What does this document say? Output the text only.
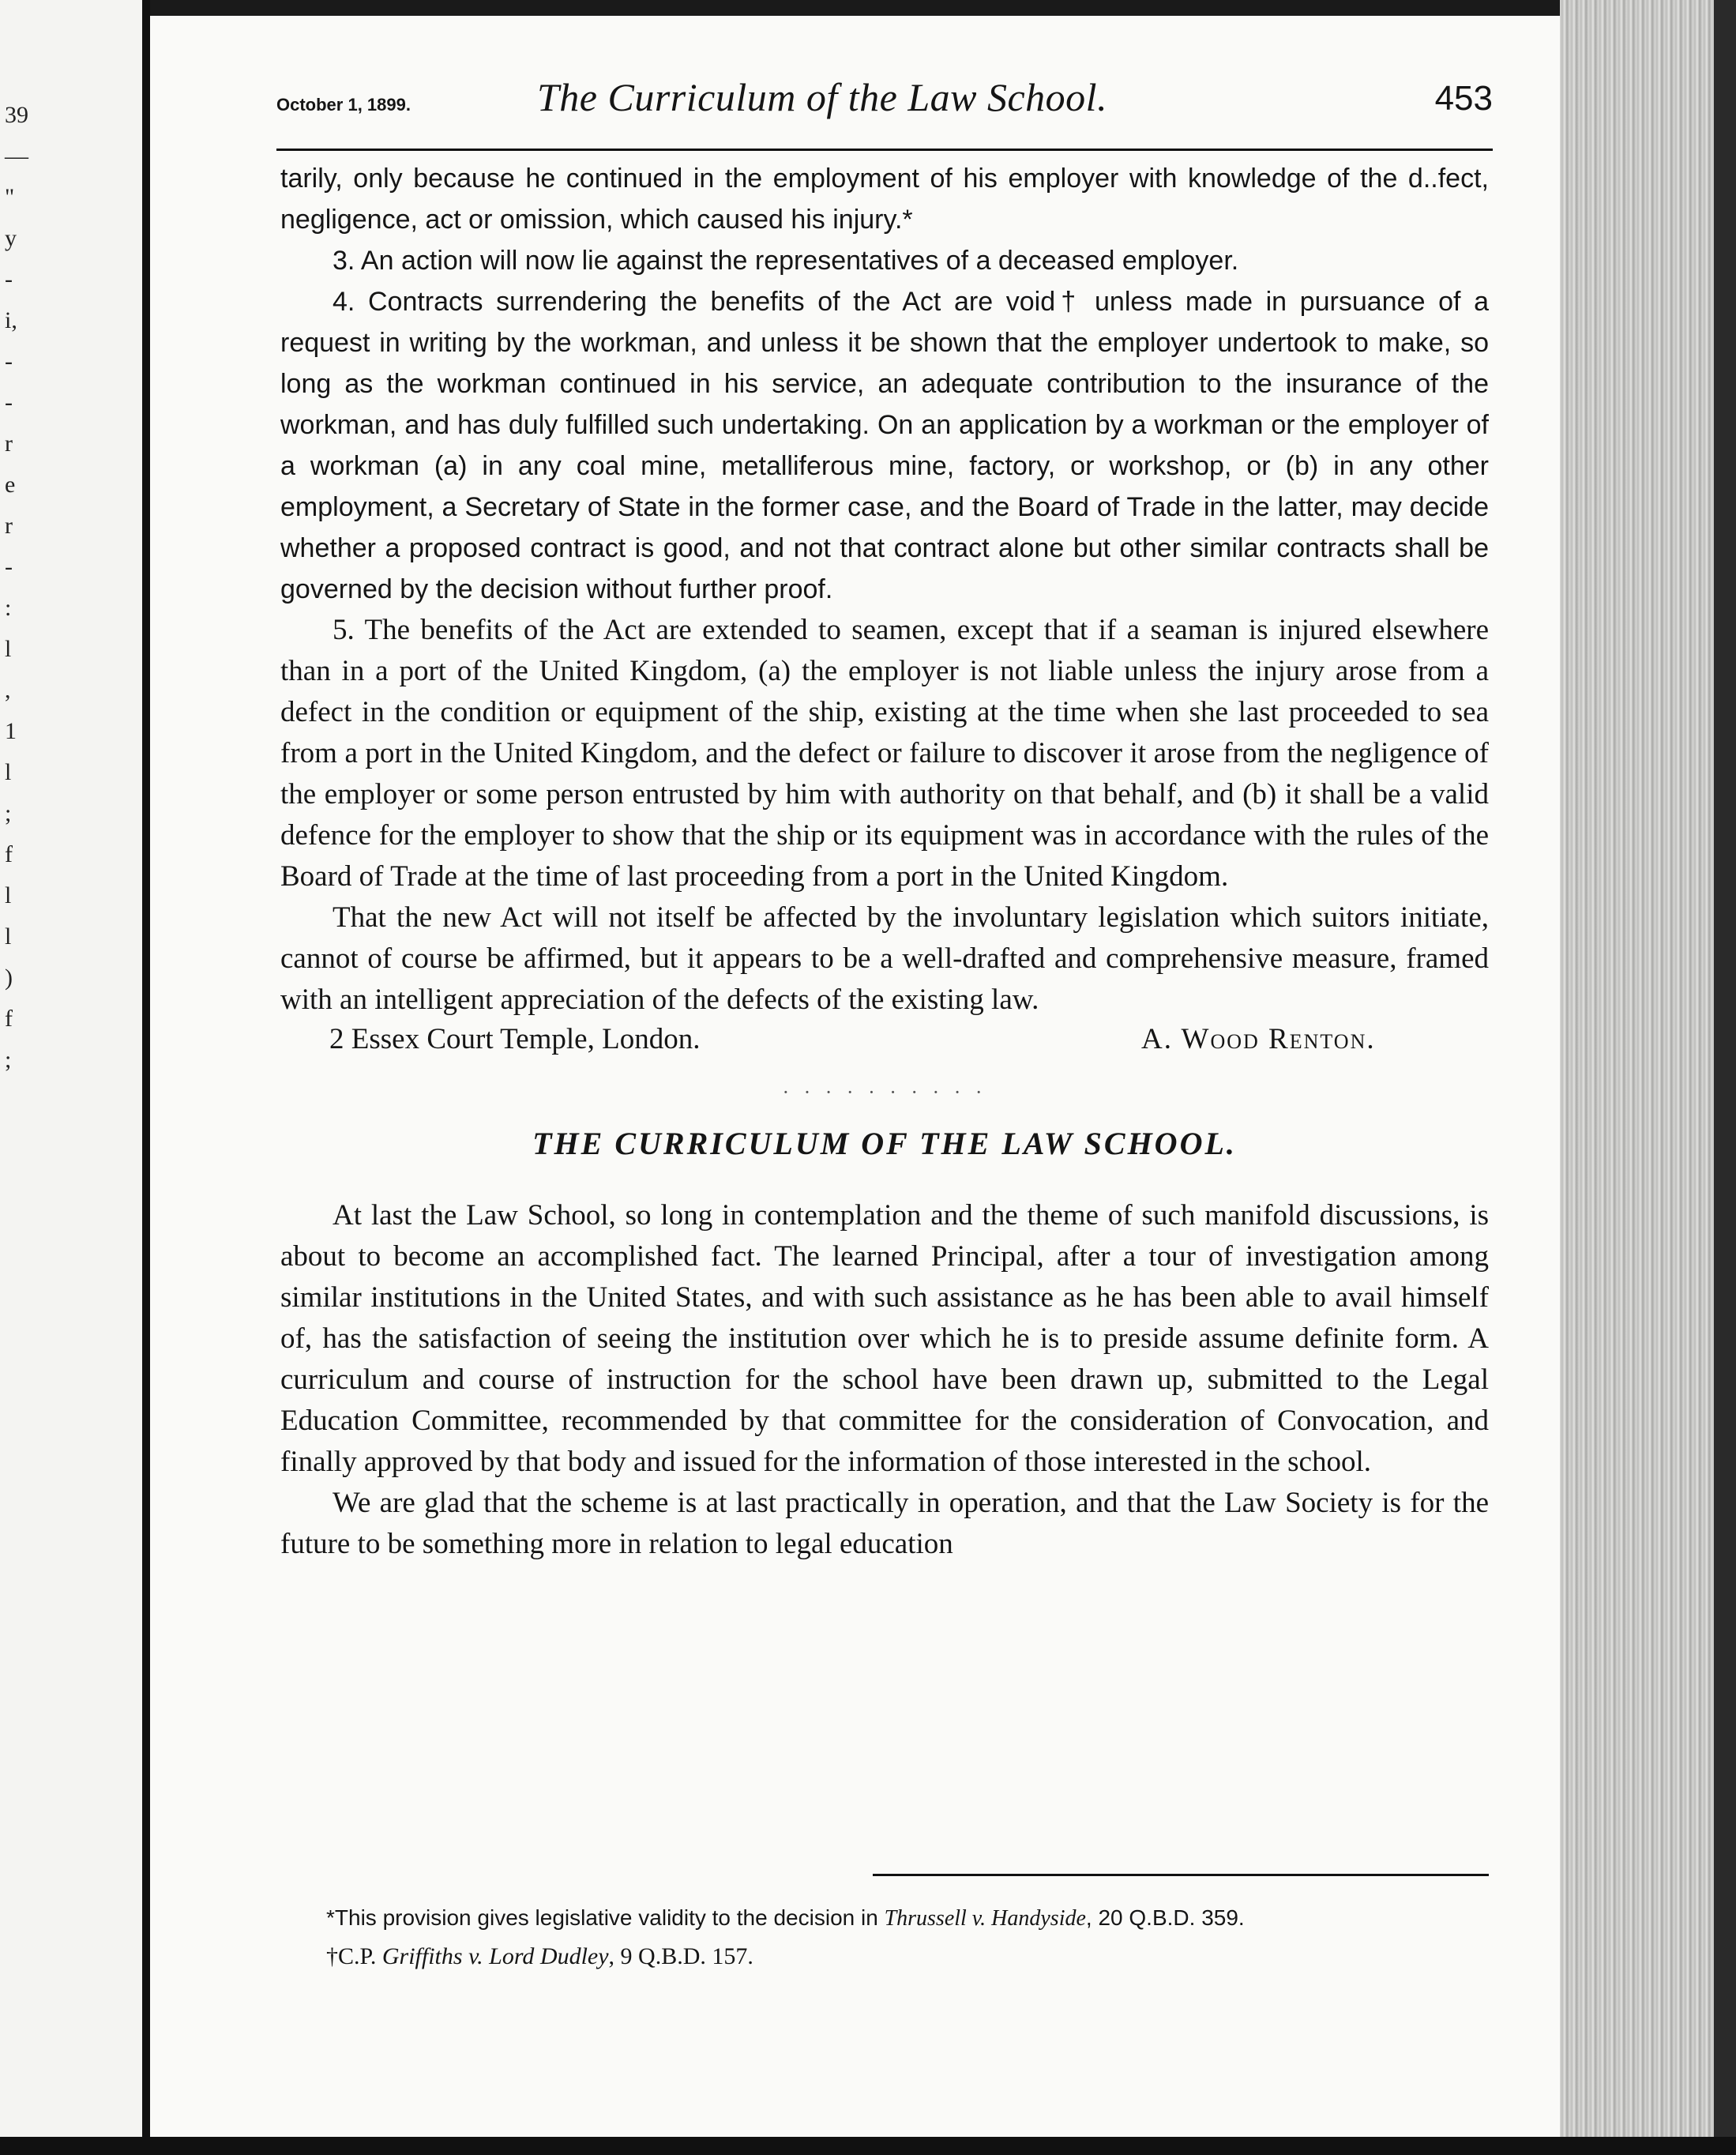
39
—
"
y
-
i,
-
-
r
e
r
-
:
l
,
1
l
;
f
l
l
)
f
;
October 1, 1899.	The Curriculum of the Law School.	453

tarily, only because he continued in the employment of his employer with knowledge of the d..fect, negligence, act or omission, which caused his injury.*

3. An action will now lie against the representatives of a deceased employer.

4. Contracts surrendering the benefits of the Act are void† unless made in pursuance of a request in writing by the workman, and unless it be shown that the employer undertook to make, so long as the workman continued in his service, an adequate contribution to the insurance of the workman, and has duly fulfilled such undertaking. On an application by a workman or the employer of a workman (a) in any coal mine, metalliferous mine, factory, or workshop, or (b) in any other employment, a Secretary of State in the former case, and the Board of Trade in the latter, may decide whether a proposed contract is good, and not that contract alone but other similar contracts shall be governed by the decision without further proof.

5. The benefits of the Act are extended to seamen, except that if a seaman is injured elsewhere than in a port of the United Kingdom, (a) the employer is not liable unless the injury arose from a defect in the condition or equipment of the ship, existing at the time when she last proceeded to sea from a port in the United Kingdom, and the defect or failure to discover it arose from the negligence of the employer or some person entrusted by him with authority on that behalf, and (b) it shall be a valid defence for the employer to show that the ship or its equipment was in accordance with the rules of the Board of Trade at the time of last proceeding from a port in the United Kingdom.

That the new Act will not itself be affected by the involuntary legislation which suitors initiate, cannot of course be affirmed, but it appears to be a well-drafted and comprehensive measure, framed with an intelligent appreciation of the defects of the existing law.

2 Essex Court Temple, London.	A. Wood Renton.
· · · · · · · · · ·
THE CURRICULUM OF THE LAW SCHOOL.

At last the Law School, so long in contemplation and the theme of such manifold discussions, is about to become an accomplished fact. The learned Principal, after a tour of investigation among similar institutions in the United States, and with such assistance as he has been able to avail himself of, has the satisfaction of seeing the institution over which he is to preside assume definite form. A curriculum and course of instruction for the school have been drawn up, submitted to the Legal Education Committee, recommended by that committee for the consideration of Convocation, and finally approved by that body and issued for the information of those interested in the school.

We are glad that the scheme is at last practically in operation, and that the Law Society is for the future to be something more in relation to legal education

*This provision gives legislative validity to the decision in Thrussell v. Handyside, 20 Q.B.D. 359.

†C.P. Griffiths v. Lord Dudley, 9 Q.B.D. 157.
